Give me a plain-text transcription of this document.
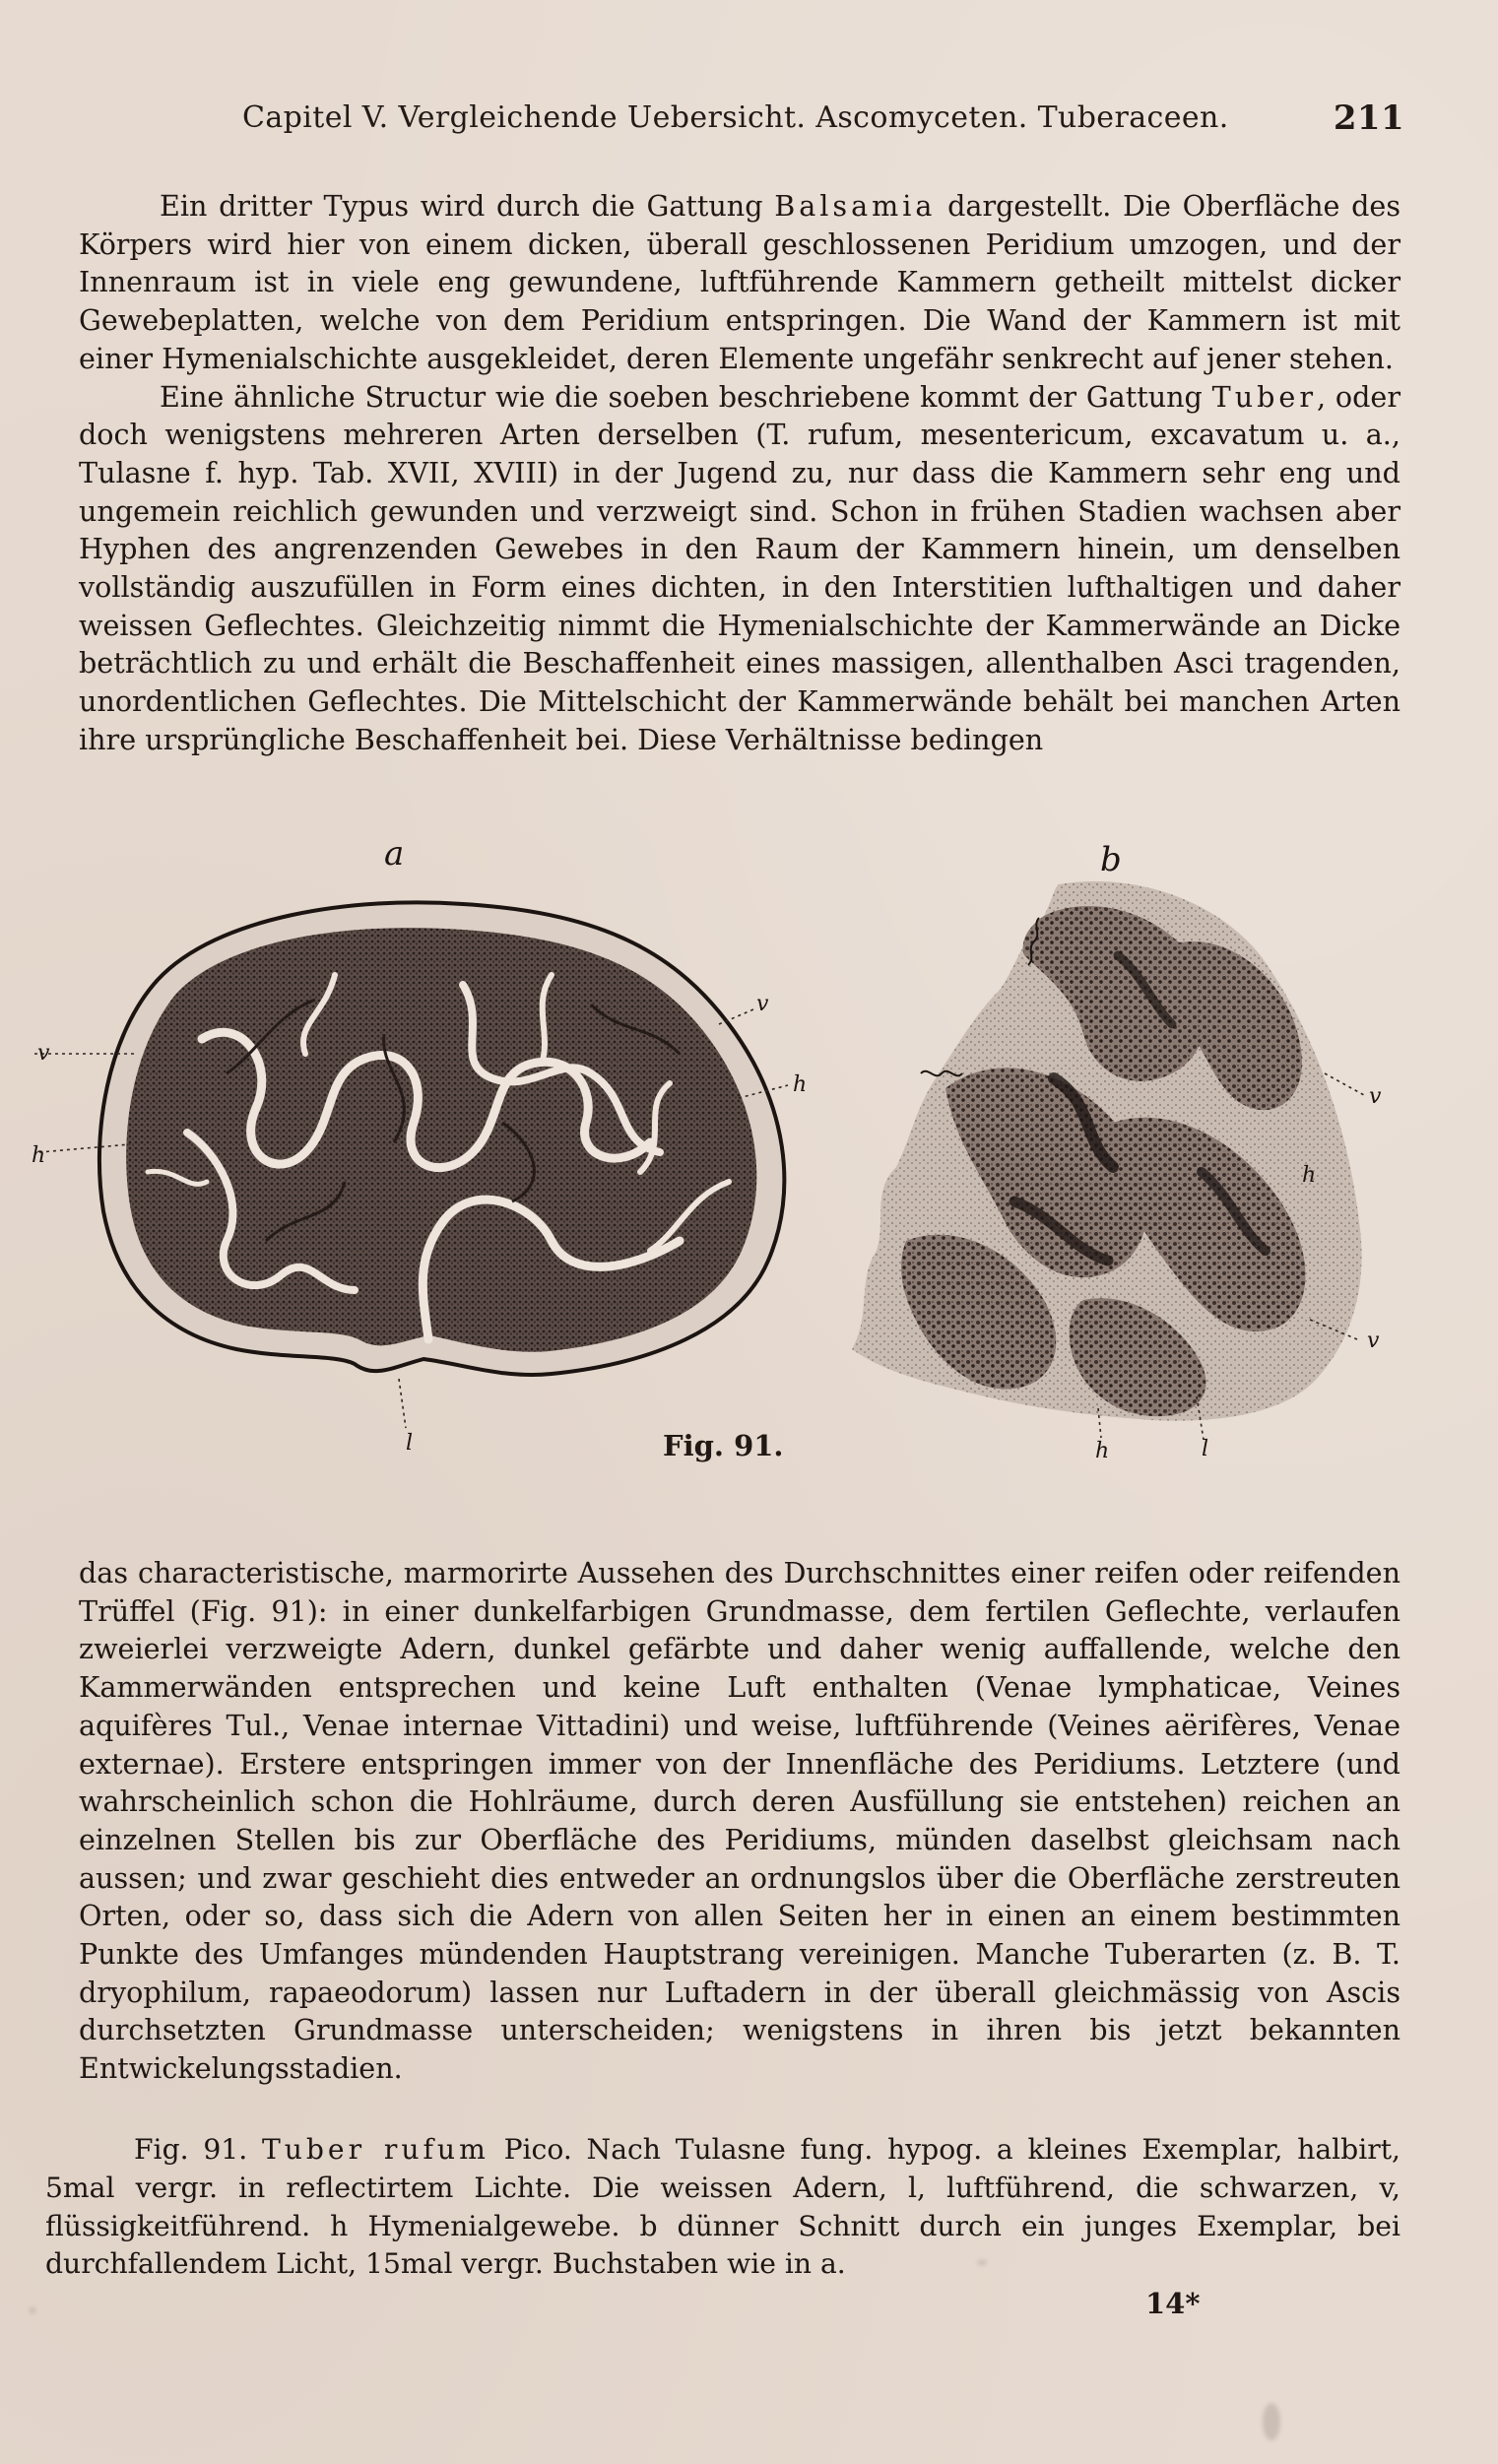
Capitel V. Vergleichende Uebersicht. Ascomyceten. Tuberaceen.	211

Ein dritter Typus wird durch die Gattung Balsamia dargestellt. Die Oberfläche des Körpers wird hier von einem dicken, überall geschlossenen Peridium umzogen, und der Innenraum ist in viele eng gewundene, luftführende Kammern getheilt mittelst dicker Gewebeplatten, welche von dem Peridium entspringen. Die Wand der Kammern ist mit einer Hymenialschichte ausgekleidet, deren Elemente ungefähr senkrecht auf jener stehen.

Eine ähnliche Structur wie die soeben beschriebene kommt der Gattung Tuber, oder doch wenigstens mehreren Arten derselben (T. rufum, mesentericum, excavatum u. a., Tulasne f. hyp. Tab. XVII, XVIII) in der Jugend zu, nur dass die Kammern sehr eng und ungemein reichlich gewunden und verzweigt sind. Schon in frühen Stadien wachsen aber Hyphen des angrenzenden Gewebes in den Raum der Kammern hinein, um denselben vollständig auszufüllen in Form eines dichten, in den Interstitien lufthaltigen und daher weissen Geflechtes. Gleichzeitig nimmt die Hymenialschichte der Kammerwände an Dicke beträchtlich zu und erhält die Beschaffenheit eines massigen, allenthalben Asci tragenden, unordentlichen Geflechtes. Die Mittelschicht der Kammerwände behält bei manchen Arten ihre ursprüngliche Beschaffenheit bei. Diese Verhältnisse bedingen

a
v
h
v
h
l
b
v
h
v
h	l
Fig. 91.

das characteristische, marmorirte Aussehen des Durchschnittes einer reifen oder reifenden Trüffel (Fig. 91): in einer dunkelfarbigen Grundmasse, dem fertilen Geflechte, verlaufen zweierlei verzweigte Adern, dunkel gefärbte und daher wenig auffallende, welche den Kammerwänden entsprechen und keine Luft enthalten (Venae lymphaticae, Veines aquifères Tul., Venae internae Vittadini) und weise, luftführende (Veines aërifères, Venae externae). Erstere entspringen immer von der Innenfläche des Peridiums. Letztere (und wahrscheinlich schon die Hohlräume, durch deren Ausfüllung sie entstehen) reichen an einzelnen Stellen bis zur Oberfläche des Peridiums, münden daselbst gleichsam nach aussen; und zwar geschieht dies entweder an ordnungslos über die Oberfläche zerstreuten Orten, oder so, dass sich die Adern von allen Seiten her in einen an einem bestimmten Punkte des Umfanges mündenden Hauptstrang vereinigen. Manche Tuberarten (z. B. T. dryophilum, rapaeodorum) lassen nur Luftadern in der überall gleichmässig von Ascis durchsetzten Grundmasse unterscheiden; wenigstens in ihren bis jetzt bekannten Entwickelungsstadien.

Fig. 91. Tuber rufum Pico. Nach Tulasne fung. hypog. a kleines Exemplar, halbirt, 5mal vergr. in reflectirtem Lichte. Die weissen Adern, l, luftführend, die schwarzen, v, flüssigkeitführend. h Hymenialgewebe. b dünner Schnitt durch ein junges Exemplar, bei durchfallendem Licht, 15mal vergr. Buchstaben wie in a.

14*
